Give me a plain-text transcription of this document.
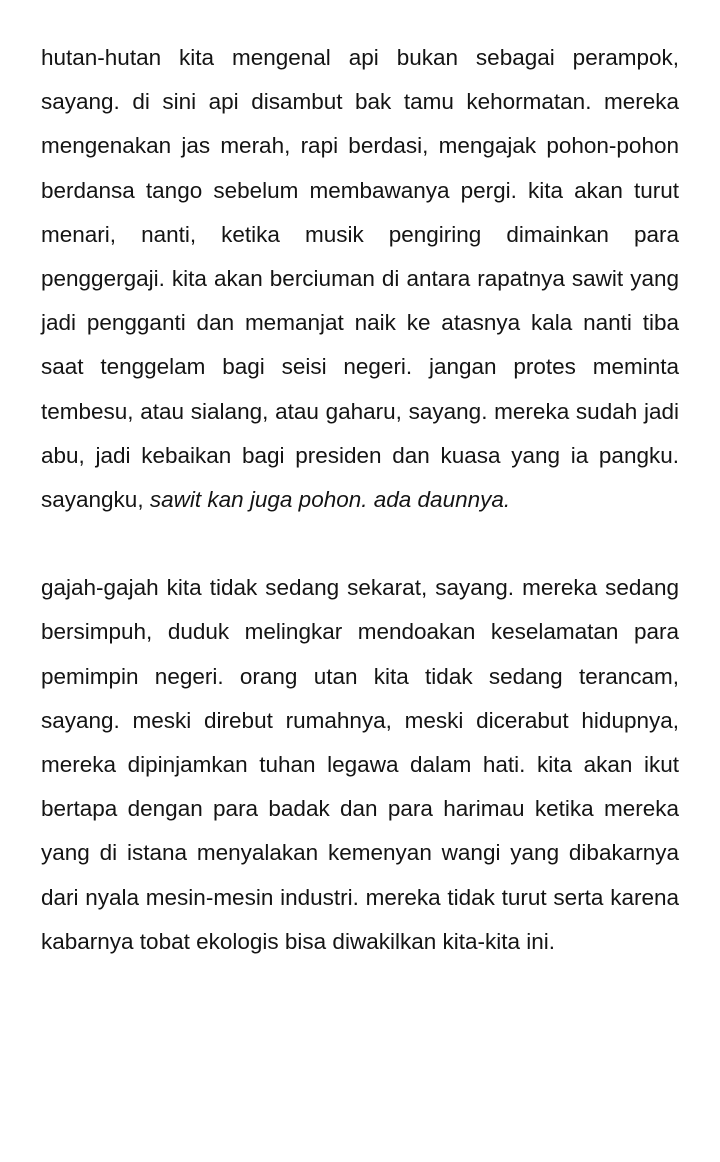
hutan-hutan kita mengenal api bukan sebagai perampok, sayang. di sini api disambut bak tamu kehormatan. mereka mengenakan jas merah, rapi berdasi, mengajak pohon-pohon berdansa tango sebelum membawanya pergi. kita akan turut menari, nanti, ketika musik pengiring dimainkan para penggergaji. kita akan berciuman di antara rapatnya sawit yang jadi pengganti dan memanjat naik ke atasnya kala nanti tiba saat tenggelam bagi seisi negeri. jangan protes meminta tembesu, atau sialang, atau gaharu, sayang. mereka sudah jadi abu, jadi kebaikan bagi presiden dan kuasa yang ia pangku. sayangku, sawit kan juga pohon. ada daunnya.

gajah-gajah kita tidak sedang sekarat, sayang. mereka sedang bersimpuh, duduk melingkar mendoakan keselamatan para pemimpin negeri. orang utan kita tidak sedang terancam, sayang. meski direbut rumahnya, meski dicerabut hidupnya, mereka dipinjamkan tuhan legawa dalam hati. kita akan ikut bertapa dengan para badak dan para harimau ketika mereka yang di istana menyalakan kemenyan wangi yang dibakarnya dari nyala mesin-mesin industri. mereka tidak turut serta karena kabarnya tobat ekologis bisa diwakilkan kita-kita ini.
